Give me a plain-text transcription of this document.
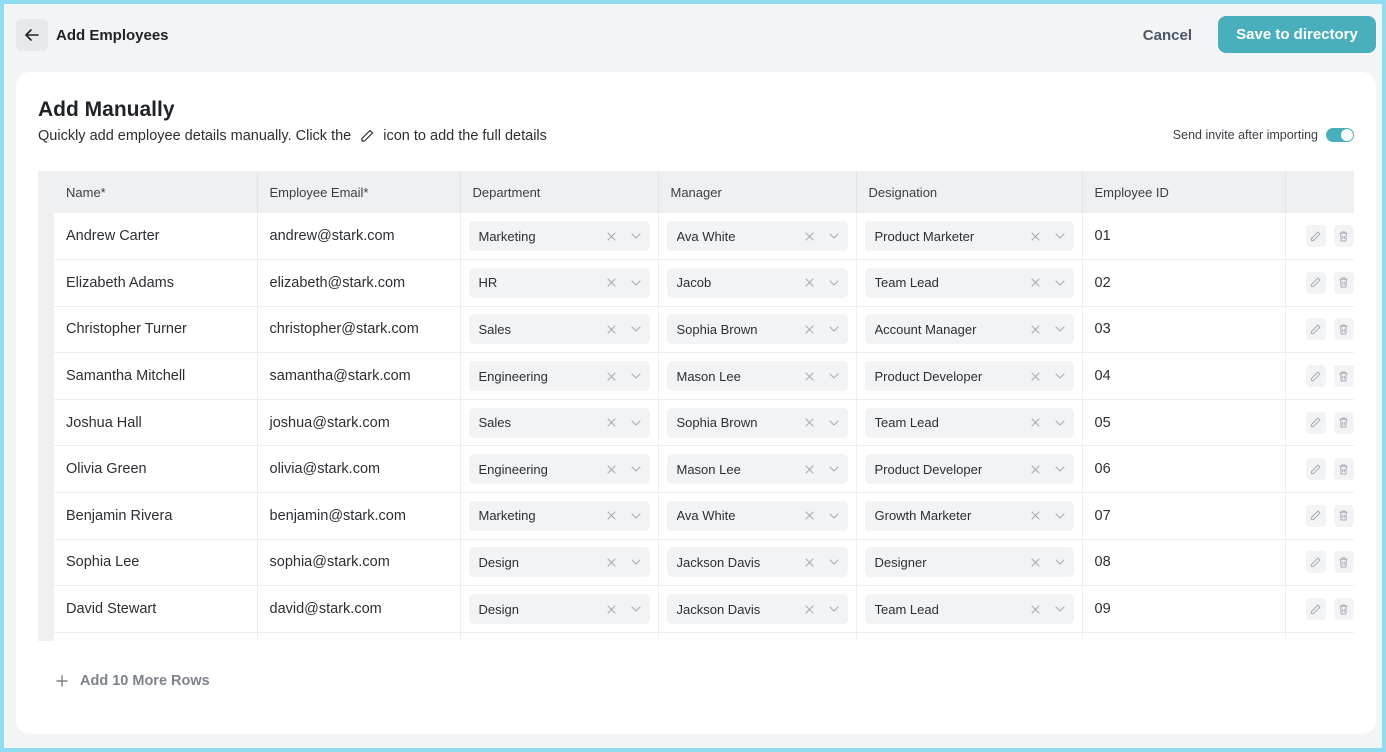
Add Employees	Cancel	Save to directory
Add Manually

Quickly add employee details manually. Click the icon to add the full details	Send invite after importing
Name*	Employee Email*	Department	Manager	Designation	Employee ID	
Andrew Carter	andrew@stark.com	Marketing	Ava White	Product Marketer	01	

Elizabeth Adams	elizabeth@stark.com	HR	Jacob	Team Lead	02	

Christopher Turner	christopher@stark.com	Sales	Sophia Brown	Account Manager	03	

Samantha Mitchell	samantha@stark.com	Engineering	Mason Lee	Product Developer	04	

Joshua Hall	joshua@stark.com	Sales	Sophia Brown	Team Lead	05	

Olivia Green	olivia@stark.com	Engineering	Mason Lee	Product Developer	06	

Benjamin Rivera	benjamin@stark.com	Marketing	Ava White	Growth Marketer	07	

Sophia Lee	sophia@stark.com	Design	Jackson Davis	Designer	08	

David Stewart	david@stark.com	Design	Jackson Davis	Team Lead	09	

Add 10 More Rows
